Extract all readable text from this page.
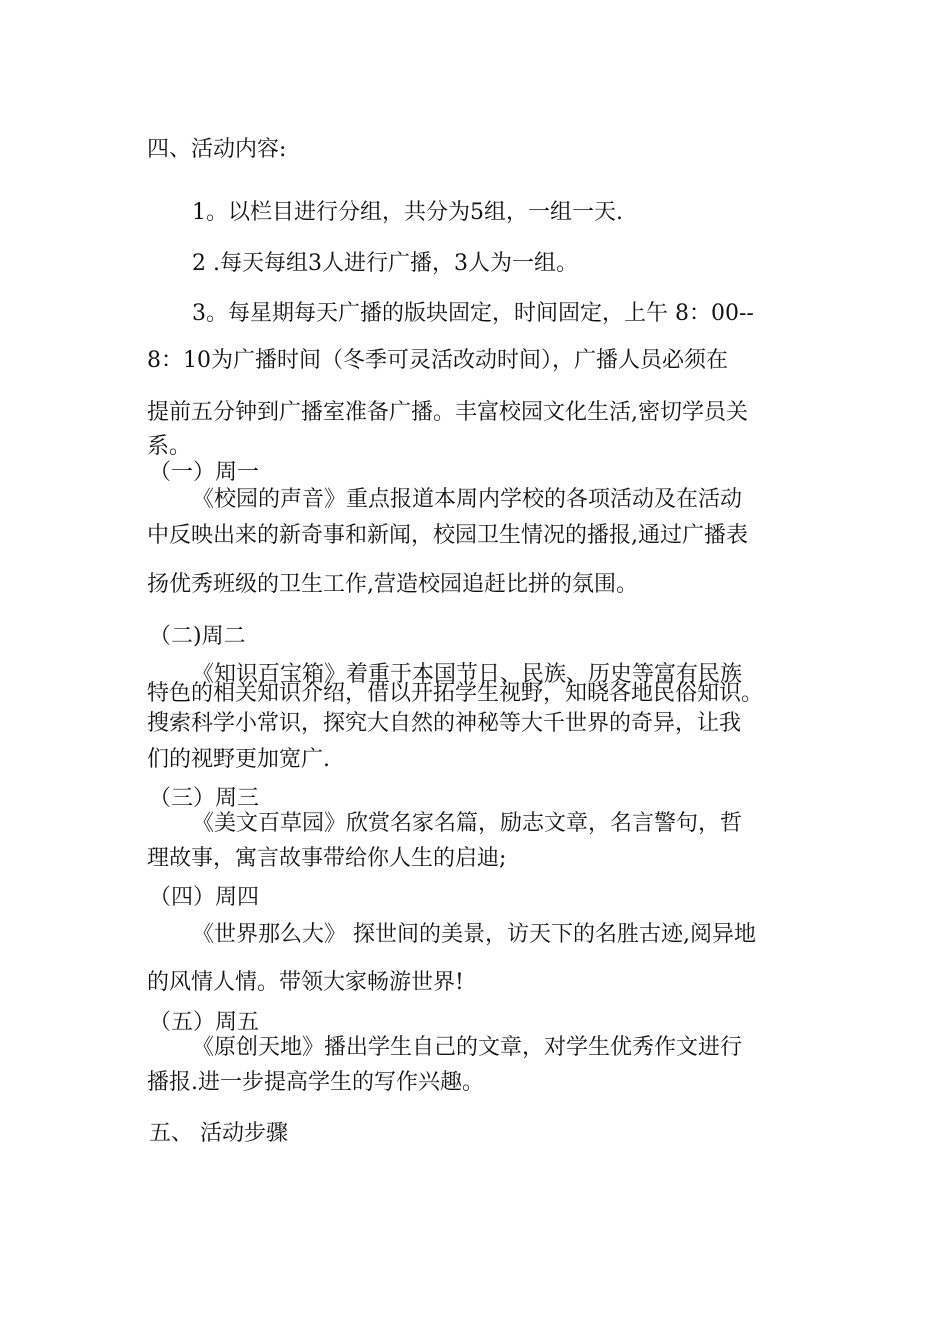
四、活动内容:
1。以栏目进行分组，共分为5组，一组一天.
2 .每天每组3人进行广播，3人为一组。
3。每星期每天广播的版块固定，时间固定，上午 8：00--
8：10为广播时间（冬季可灵活改动时间），广播人员必须在
提前五分钟到广播室准备广播。丰富校园文化生活,密切学员关
系。
（一）周一
《校园的声音》重点报道本周内学校的各项活动及在活动
中反映出来的新奇事和新闻，校园卫生情况的播报,通过广播表
扬优秀班级的卫生工作,营造校园追赶比拼的氛围。
（二)周二
《知识百宝箱》着重于本国节日、民族、历史等富有民族
特色的相关知识介绍，借以开拓学生视野，知晓各地民俗知识。
搜索科学小常识，探究大自然的神秘等大千世界的奇异，让我
们的视野更加宽广.
（三）周三
《美文百草园》欣赏名家名篇，励志文章，名言警句，哲
理故事，寓言故事带给你人生的启迪;
（四）周四
《世界那么大》 探世间的美景，访天下的名胜古迹,阅异地
的风情人情。带领大家畅游世界!
（五）周五
《原创天地》播出学生自己的文章，对学生优秀作文进行
播报.进一步提高学生的写作兴趣。
五、 活动步骤
